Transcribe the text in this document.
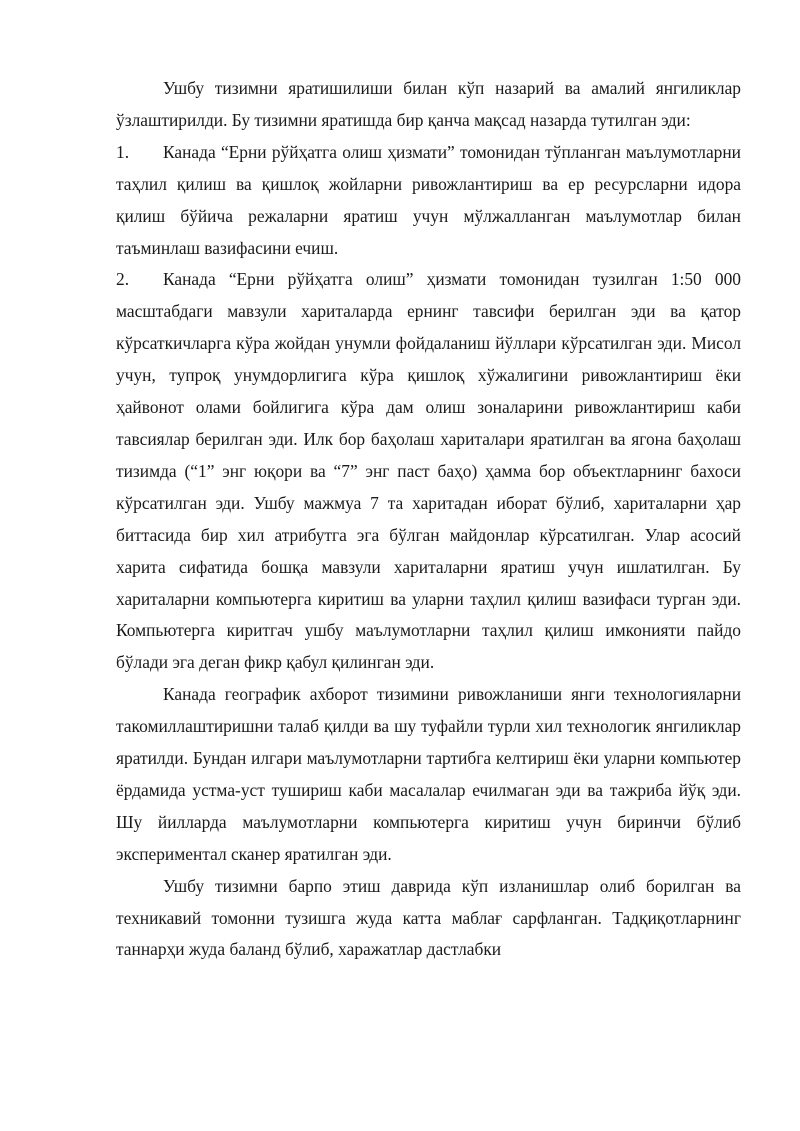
Ушбу тизимни яратишилиши билан кўп назарий ва амалий янгиликлар ўзлаштирилди. Бу тизимни яратишда бир қанча мақсад назарда тутилган эди:

1. Канада “Ерни рўйҳатга олиш ҳизмати” томонидан тўпланган маълумотларни таҳлил қилиш ва қишлоқ жойларни ривожлантириш ва ер ресурсларни идора қилиш бўйича режаларни яратиш учун мўлжалланган маълумотлар билан таъминлаш вазифасини ечиш.

2. Канада “Ерни рўйҳатга олиш” ҳизмати томонидан тузилган 1:50 000 масштабдаги мавзули хариталарда ернинг тавсифи берилган эди ва қатор кўрсаткичларга кўра жойдан унумли фойдаланиш йўллари кўрсатилган эди. Мисол учун, тупроқ унумдорлигига кўра қишлоқ хўжалигини ривожлантириш ёки ҳайвонот олами бойлигига кўра дам олиш зоналарини ривожлантириш каби тавсиялар берилган эди. Илк бор баҳолаш хариталари яратилган ва ягона баҳолаш тизимда (“1” энг юқори ва “7” энг паст баҳо) ҳамма бор объектларнинг бахоси кўрсатилган эди. Ушбу мажмуа 7 та харитадан иборат бўлиб, хариталарни ҳар биттасида бир хил атрибутга эга бўлган майдонлар кўрсатилган. Улар асосий харита сифатида бошқа мавзули хариталарни яратиш учун ишлатилган. Бу хариталарни компьютерга киритиш ва уларни таҳлил қилиш вазифаси турган эди. Компьютерга киритгач ушбу маълумотларни таҳлил қилиш имконияти пайдо бўлади эга деган фикр қабул қилинган эди.

Канада географик ахборот тизимини ривожланиши янги технологияларни такомиллаштиришни талаб қилди ва шу туфайли турли хил технологик янгиликлар яратилди. Бундан илгари маълумотларни тартибга келтириш ёки уларни компьютер ёрдамида устма-уст тушириш каби масалалар ечилмаган эди ва тажриба йўқ эди. Шу йилларда маълумотларни компьютерга киритиш учун биринчи бўлиб экспериментал сканер яратилган эди.

Ушбу тизимни барпо этиш даврида кўп изланишлар олиб борилган ва техникавий томонни тузишга жуда катта маблағ сарфланган. Тадқиқотларнинг таннарҳи жуда баланд бўлиб, харажатлар дастлабки
